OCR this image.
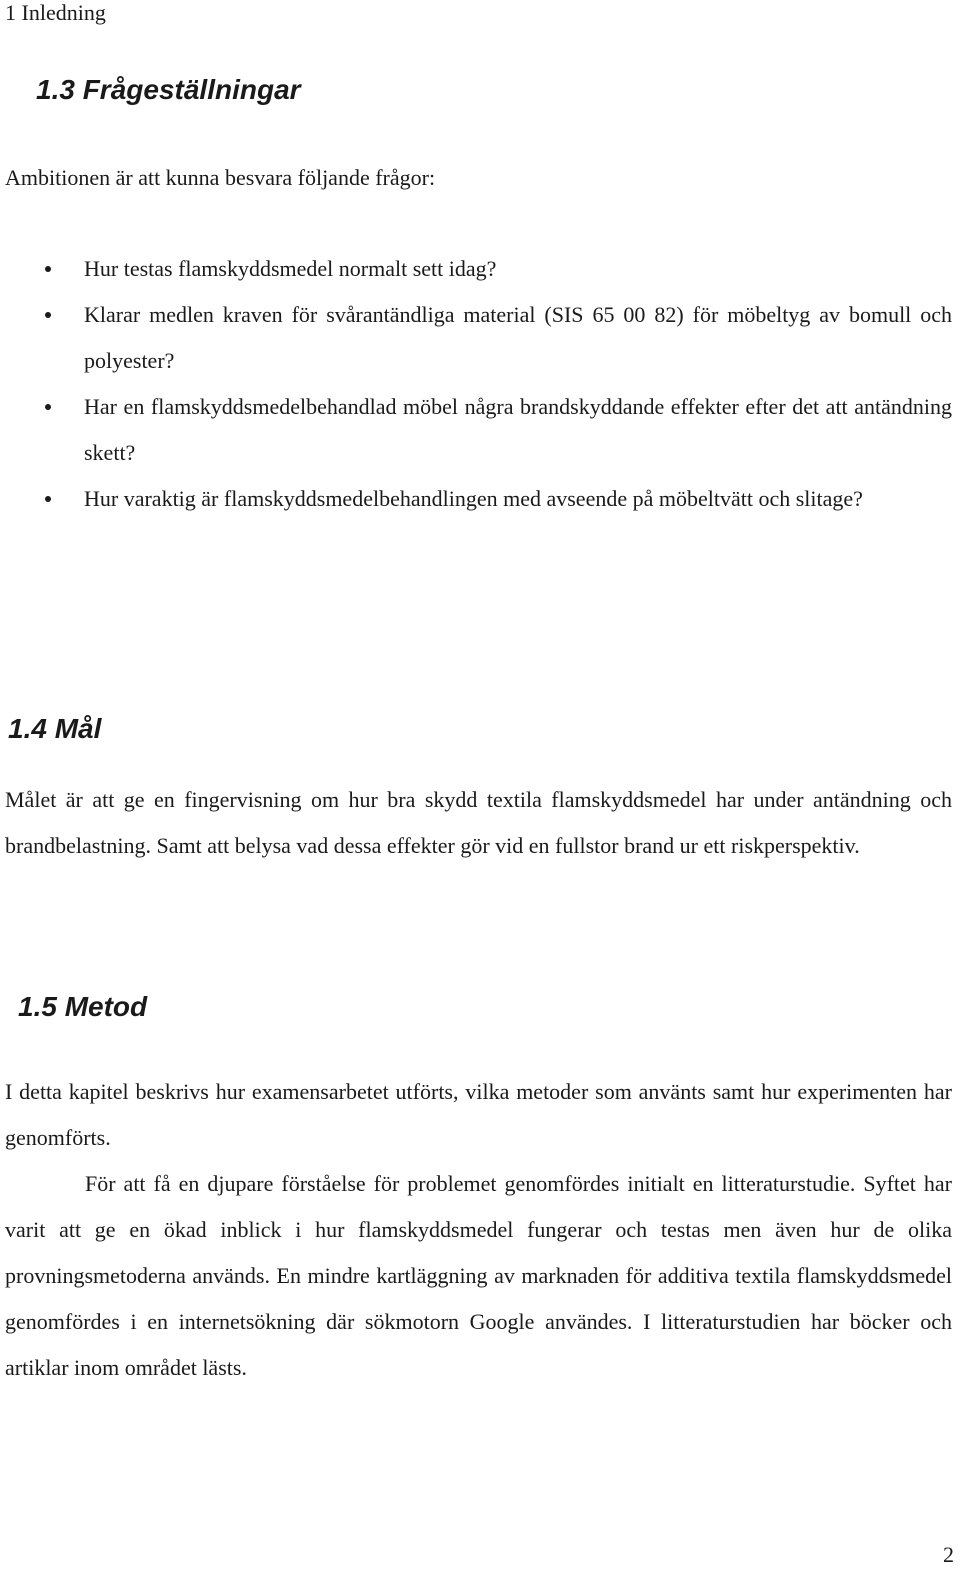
1 Inledning
1.3 Frågeställningar

Ambitionen är att kunna besvara följande frågor:

Hur testas flamskyddsmedel normalt sett idag?
Klarar medlen kraven för svårantändliga material (SIS 65 00 82) för möbeltyg av bomull och polyester?
Har en flamskyddsmedelbehandlad möbel några brandskyddande effekter efter det att antändning skett?
Hur varaktig är flamskyddsmedelbehandlingen med avseende på möbeltvätt och slitage?
1.4 Mål

Målet är att ge en fingervisning om hur bra skydd textila flamskyddsmedel har under antändning och brandbelastning. Samt att belysa vad dessa effekter gör vid en fullstor brand ur ett riskperspektiv.

1.5 Metod

I detta kapitel beskrivs hur examensarbetet utförts, vilka metoder som använts samt hur experimenten har genomförts.

För att få en djupare förståelse för problemet genomfördes initialt en litteraturstudie. Syftet har varit att ge en ökad inblick i hur flamskyddsmedel fungerar och testas men även hur de olika provningsmetoderna används. En mindre kartläggning av marknaden för additiva textila flamskyddsmedel genomfördes i en internetsökning där sökmotorn Google användes. I litteraturstudien har böcker och artiklar inom området lästs.

2
